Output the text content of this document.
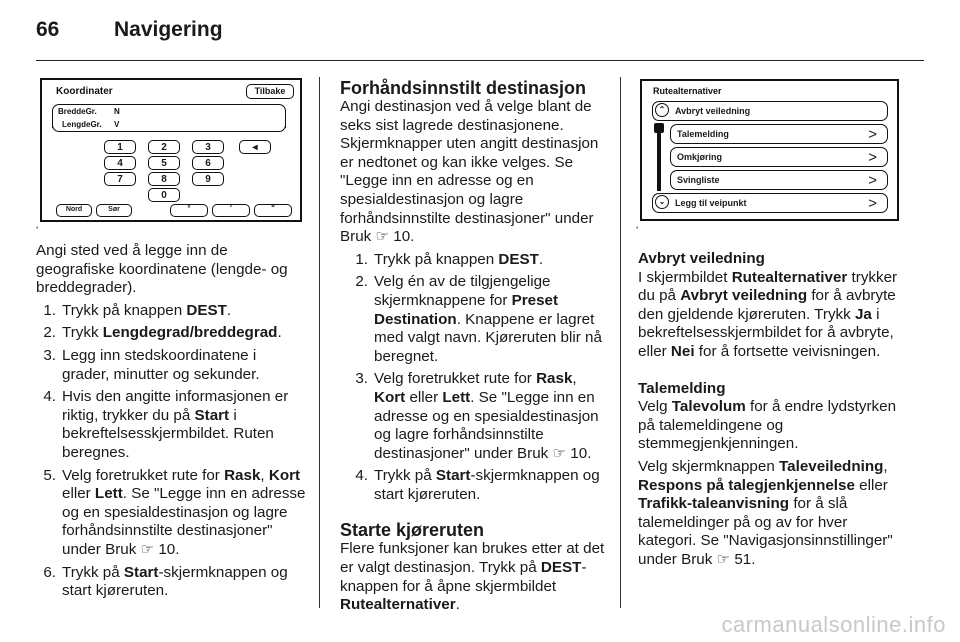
66	Navigering
Koordinater	Tilbake
BreddeGr. N
LengdeGr. V
1	2	3	◂
4	5	6
7	8	9
0
Nord	Sør	°	'	"
•

Angi sted ved å legge inn de geografiske koordinatene (lengde- og breddegrader).

1. Trykk på knappen DEST.
2. Trykk Lengdegrad/breddegrad.
3. Legg inn stedskoordinatene i grader, minutter og sekunder.
4. Hvis den angitte informasjonen er riktig, trykker du på Start i bekreftelsesskjermbildet. Ruten beregnes.
5. Velg foretrukket rute for Rask, Kort eller Lett. Se "Legge inn en adresse og en spesialdestinasjon og lagre forhåndsinnstilte destinasjoner" under Bruk ☞ 10.
6. Trykk på Start-skjermknappen og start kjøreruten.
Forhåndsinnstilt destinasjon

Angi destinasjon ved å velge blant de seks sist lagrede destinasjonene. Skjermknapper uten angitt destinasjon er nedtonet og kan ikke velges. Se "Legge inn en adresse og en spesialdestinasjon og lagre forhåndsinnstilte destinasjoner" under Bruk ☞ 10.

1. Trykk på knappen DEST.
2. Velg én av de tilgjengelige skjermknappene for Preset Destination. Knappene er lagret med valgt navn. Kjøreruten blir nå beregnet.
3. Velg foretrukket rute for Rask, Kort eller Lett. Se "Legge inn en adresse og en spesialdestinasjon og lagre forhåndsinnstilte destinasjoner" under Bruk ☞ 10.
4. Trykk på Start-skjermknappen og start kjøreruten.
Starte kjøreruten

Flere funksjoner kan brukes etter at det er valgt destinasjon. Trykk på DEST-knappen for å åpne skjermbildet Rutealternativer.

Rutealternativer
⌃	Avbryt veiledning
Talemelding	>
Omkjøring	>
Svingliste	>
⌄	Legg til veipunkt	>
•
Avbryt veiledning

I skjermbildet Rutealternativer trykker du på Avbryt veiledning for å avbryte den gjeldende kjøreruten. Trykk Ja i bekreftelsesskjermbildet for å avbryte, eller Nei for å fortsette veivisningen.

Talemelding

Velg Talevolum for å endre lydstyrken på talemeldingene og stemmegjenkjenningen.

Velg skjermknappen Taleveiledning, Respons på talegjenkjennelse eller Trafikk-taleanvisning for å slå talemeldinger på og av for hver kategori. Se "Navigasjonsinnstillinger" under Bruk ☞ 51.

carmanualsonline.info
